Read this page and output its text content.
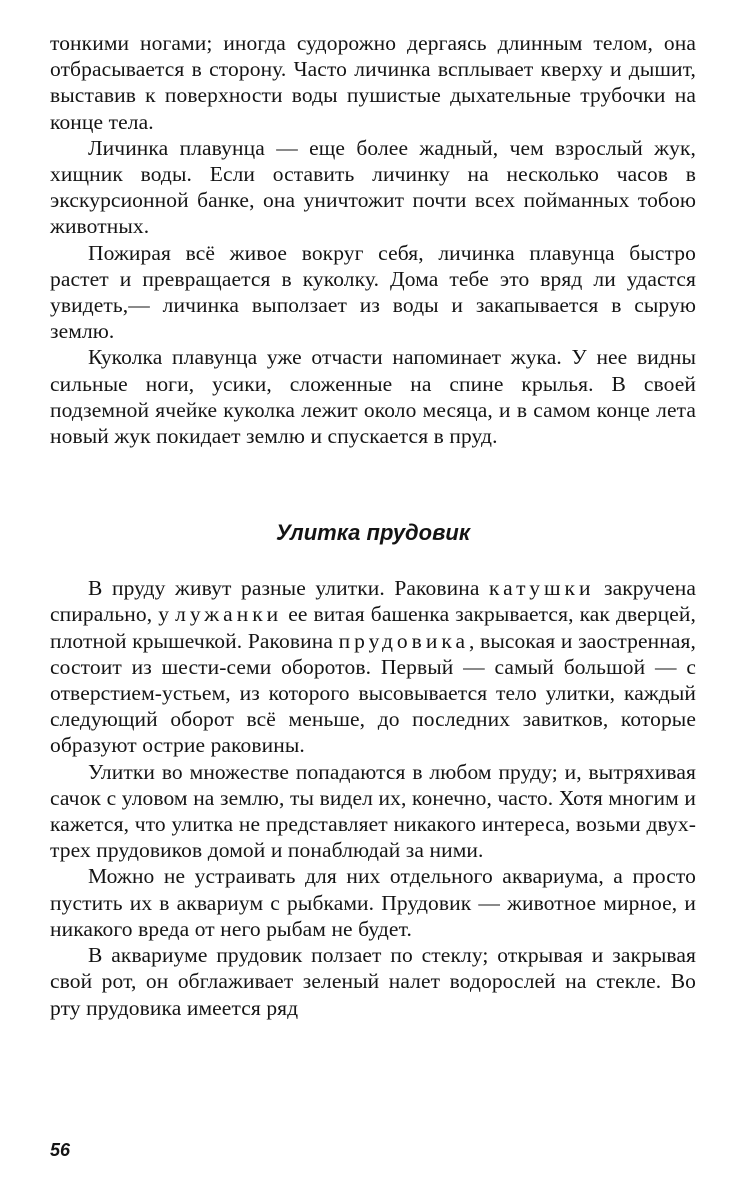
тонкими ногами; иногда судорожно дергаясь длинным телом, она отбрасывается в сторону. Часто личинка всплывает кверху и дышит, выставив к поверхности воды пушистые дыхательные трубочки на конце тела.

Личинка плавунца — еще более жадный, чем взрослый жук, хищник воды. Если оставить личинку на несколько часов в экскурсионной банке, она уничтожит почти всех пойманных тобою животных.

Пожирая всё живое вокруг себя, личинка плавунца быстро растет и превращается в куколку. Дома тебе это вряд ли удастся увидеть,— личинка выползает из воды и закапывается в сырую землю.

Куколка плавунца уже отчасти напоминает жука. У нее видны сильные ноги, усики, сложенные на спине крылья. В своей подземной ячейке куколка лежит около месяца, и в самом конце лета новый жук покидает землю и спускается в пруд.

Улитка прудовик

В пруду живут разные улитки. Раковина катушки закручена спирально, у лужанки ее витая башенка закрывается, как дверцей, плотной крышечкой. Раковина прудовика, высокая и заостренная, состоит из шести-семи оборотов. Первый — самый большой — с отверстием-устьем, из которого высовывается тело улитки, каждый следующий оборот всё меньше, до последних завитков, которые образуют острие раковины.

Улитки во множестве попадаются в любом пруду; и, вытряхивая сачок с уловом на землю, ты видел их, конечно, часто. Хотя многим и кажется, что улитка не представляет никакого интереса, возьми двух-трех прудовиков домой и понаблюдай за ними.

Можно не устраивать для них отдельного аквариума, а просто пустить их в аквариум с рыбками. Прудовик — животное мирное, и никакого вреда от него рыбам не будет.

В аквариуме прудовик ползает по стеклу; открывая и закрывая свой рот, он обглаживает зеленый налет водорослей на стекле. Во рту прудовика имеется ряд

56
